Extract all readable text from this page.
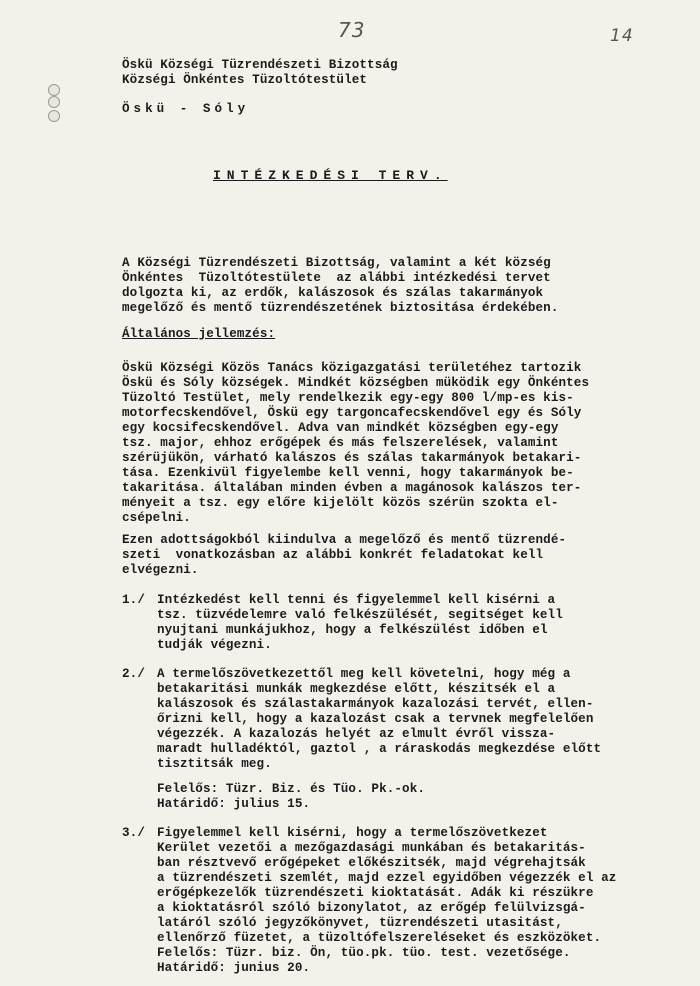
73	14
Öskü Községi Tüzrendészeti Bizottság
Községi Önkéntes Tüzoltótestület
Öskü - Sóly
INTÉZKEDÉSI TERV.
A Községi Tüzrendészeti Bizottság, valamint a két község
Önkéntes  Tüzoltótestülete  az alábbi intézkedési tervet
dolgozta ki, az erdők, kalászosok és szálas takarmányok
megelőző és mentő tüzrendészetének biztositása érdekében.
Általános jellemzés:
Öskü Községi Közös Tanács közigazgatási területéhez tartozik
Öskü és Sóly községek. Mindkét községben müködik egy Önkéntes
Tüzoltó Testület, mely rendelkezik egy-egy 800 l/mp-es kis-
motorfecskendővel, Öskü egy targoncafecskendővel egy és Sóly
egy kocsifecskendővel. Adva van mindkét községben egy-egy
tsz. major, ehhoz erőgépek és más felszerelések, valamint
szérüjükön, várható kalászos és szálas takarmányok betakari-
tása. Ezenkivül figyelembe kell venni, hogy takarmányok be-
takaritása. általában minden évben a magánosok kalászos ter-
ményeit a tsz. egy előre kijelölt közös szérün szokta el-
csépelni.
Ezen adottságokból kiindulva a megelőző és mentő tüzrendé-
szeti  vonatkozásban az alábbi konkrét feladatokat kell
elvégezni.
1./ Intézkedést kell tenni és figyelemmel kell kisérni a
tsz. tüzvédelemre való felkészülését, segitséget kell
nyujtani munkájukhoz, hogy a felkészülést időben el
tudják végezni.
2./ A termelőszövetkezettől meg kell követelni, hogy még a
betakaritási munkák megkezdése előtt, készitsék el a
kalászosok és szálastakarmányok kazalozási tervét, ellen-
őrizni kell, hogy a kazalozást csak a tervnek megfelelően
végezzék. A kazalozás helyét az elmult évről vissza-
maradt hulladéktól, gaztol , a ráraskodás megkezdése előtt
tisztitsák meg.
Felelős: Tüzr. Biz. és Tüo. Pk.-ok.
Határidő: julius 15.
3./ Figyelemmel kell kisérni, hogy a termelőszövetkezet
Kerület vezetői a mezőgazdasági munkában és betakaritás-
ban résztvevő erőgépeket előkészitsék, majd végrehajtsák
a tüzrendészeti szemlét, majd ezzel egyidőben végezzék el az
erőgépkezelők tüzrendészeti kioktatását. Adák ki részükre
a kioktatásról szóló bizonylatot, az erőgép felülvizsgá-
latáról szóló jegyzőkönyvet, tüzrendészeti utasitást,
ellenőrző füzetet, a tüzoltófelszereléseket és eszközöket.
Felelős: Tüzr. biz. Ön, tüo.pk. tüo. test. vezetősége.
Határidő: junius 20.
